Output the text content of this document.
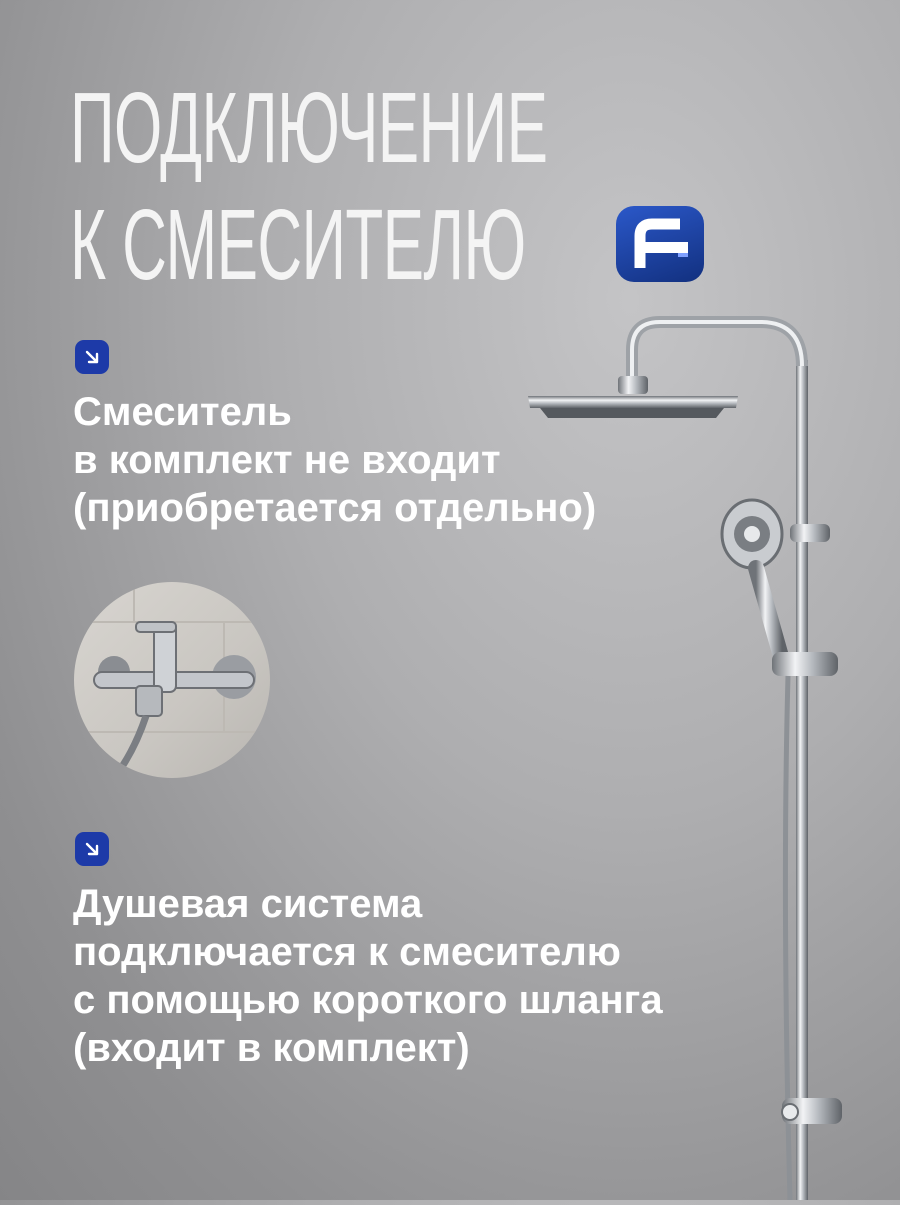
ПОДКЛЮЧЕНИЕ
К СМЕСИТЕЛЮ
Смеситель
в комплект не входит
(приобретается отдельно)
Душевая система
подключается к смесителю
с помощью короткого шланга
(входит в комплект)
